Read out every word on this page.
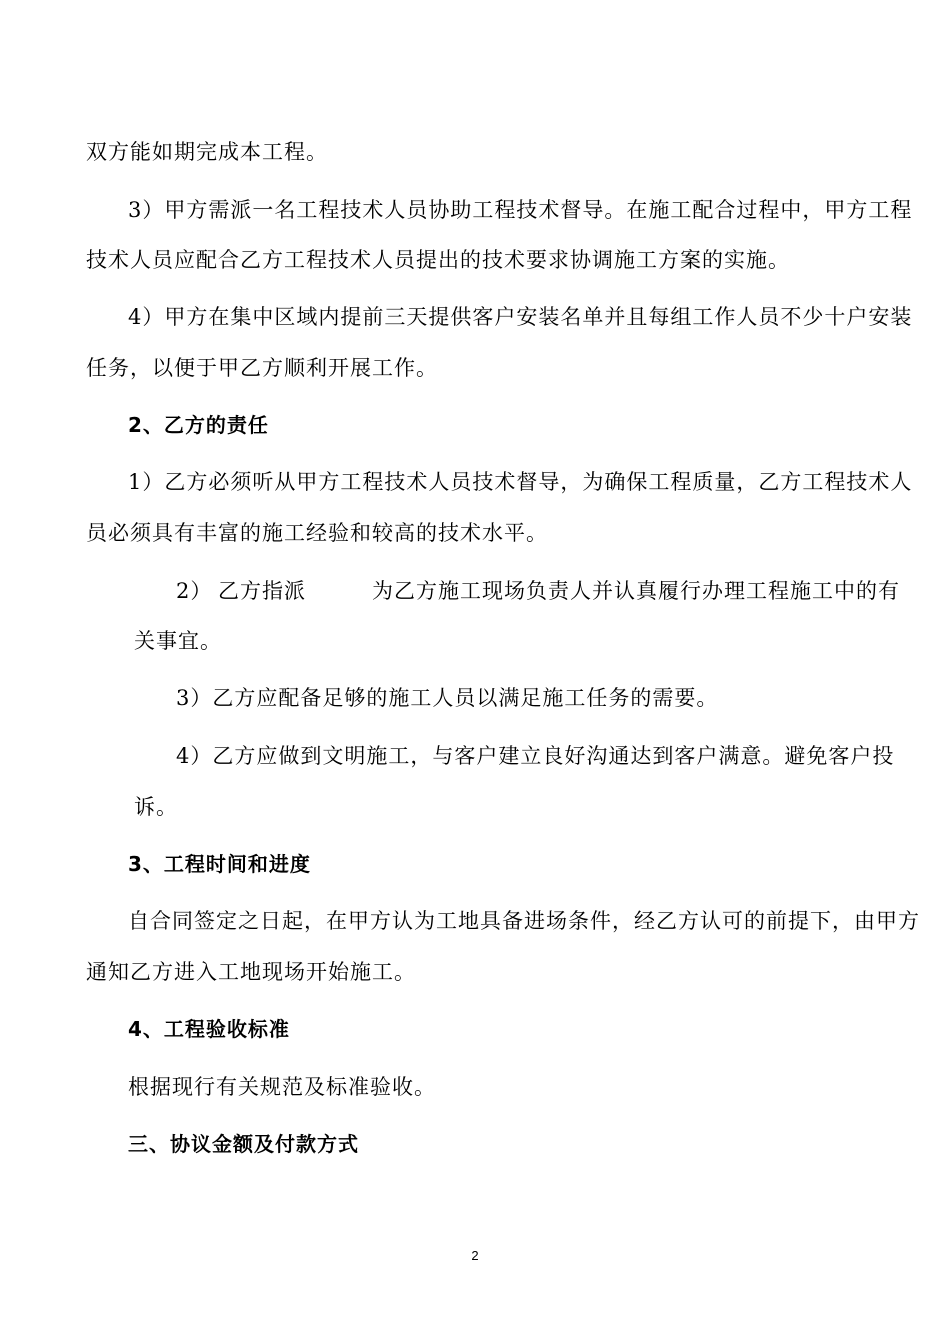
双方能如期完成本工程。
3）甲方需派一名工程技术人员协助工程技术督导。在施工配合过程中，甲方工程
技术人员应配合乙方工程技术人员提出的技术要求协调施工方案的实施。
4）甲方在集中区域内提前三天提供客户安装名单并且每组工作人员不少十户安装
任务，以便于甲乙方顺利开展工作。
2、乙方的责任
1）乙方必须听从甲方工程技术人员技术督导，为确保工程质量，乙方工程技术人
员必须具有丰富的施工经验和较高的技术水平。
2） 乙方指派	为乙方施工现场负责人并认真履行办理工程施工中的有
关事宜。
3）乙方应配备足够的施工人员以满足施工任务的需要。
4）乙方应做到文明施工，与客户建立良好沟通达到客户满意。避免客户投
诉。
3、工程时间和进度
自合同签定之日起，在甲方认为工地具备进场条件，经乙方认可的前提下，由甲方
通知乙方进入工地现场开始施工。
4、工程验收标准
根据现行有关规范及标准验收。
三、协议金额及付款方式
2
